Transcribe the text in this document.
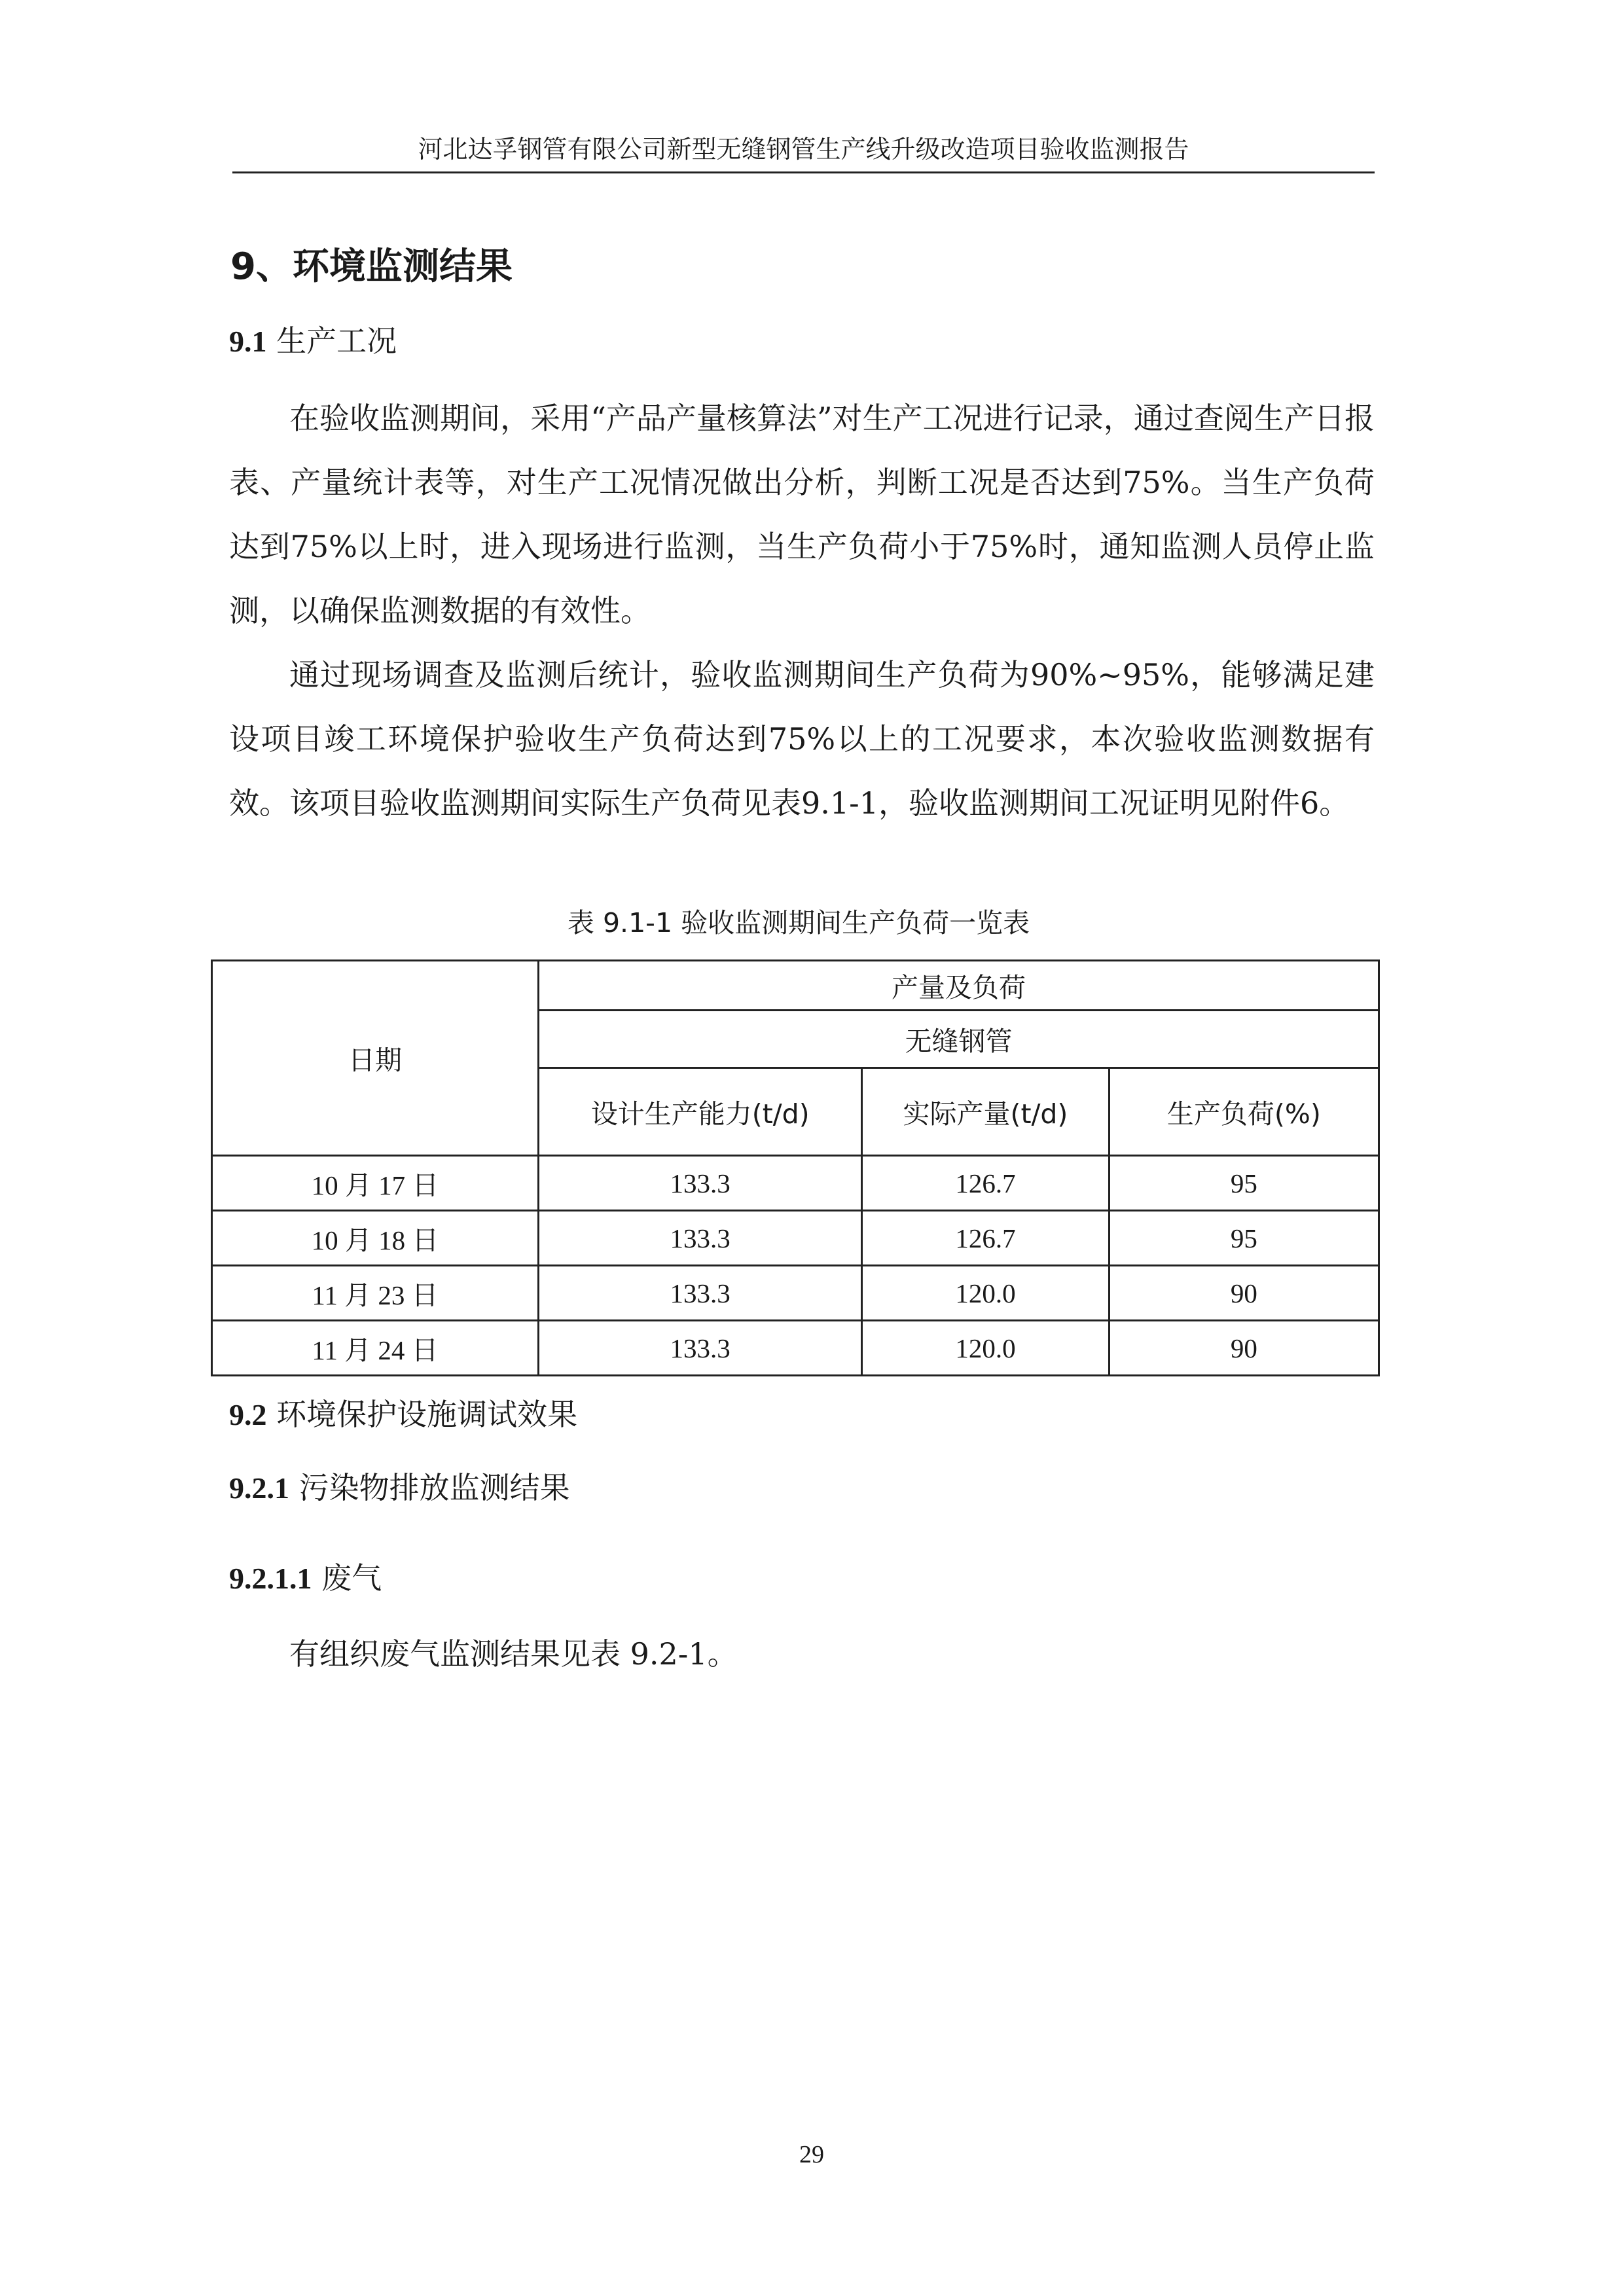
河北达孚钢管有限公司新型无缝钢管生产线升级改造项目验收监测报告
9、环境监测结果
9.1 生产工况
在验收监测期间，采用“产品产量核算法”对生产工况进行记录，通过查阅生产日报表、产量统计表等，对生产工况情况做出分析，判断工况是否达到75%。当生产负荷达到75%以上时，进入现场进行监测，当生产负荷小于75%时，通知监测人员停止监测，以确保监测数据的有效性。
通过现场调查及监测后统计，验收监测期间生产负荷为90%~95%，能够满足建设项目竣工环境保护验收生产负荷达到75%以上的工况要求，本次验收监测数据有效。该项目验收监测期间实际生产负荷见表9.1-1，验收监测期间工况证明见附件6。
表 9.1-1 验收监测期间生产负荷一览表
日期	产量及负荷		
	无缝钢管		
	设计生产能力(t/d)	实际产量(t/d)	生产负荷(%)
10 月 17 日	133.3	126.7	95
10 月 18 日	133.3	126.7	95
11 月 23 日	133.3	120.0	90
11 月 24 日	133.3	120.0	90
9.2 环境保护设施调试效果
9.2.1 污染物排放监测结果
9.2.1.1 废气
有组织废气监测结果见表 9.2-1。
29
